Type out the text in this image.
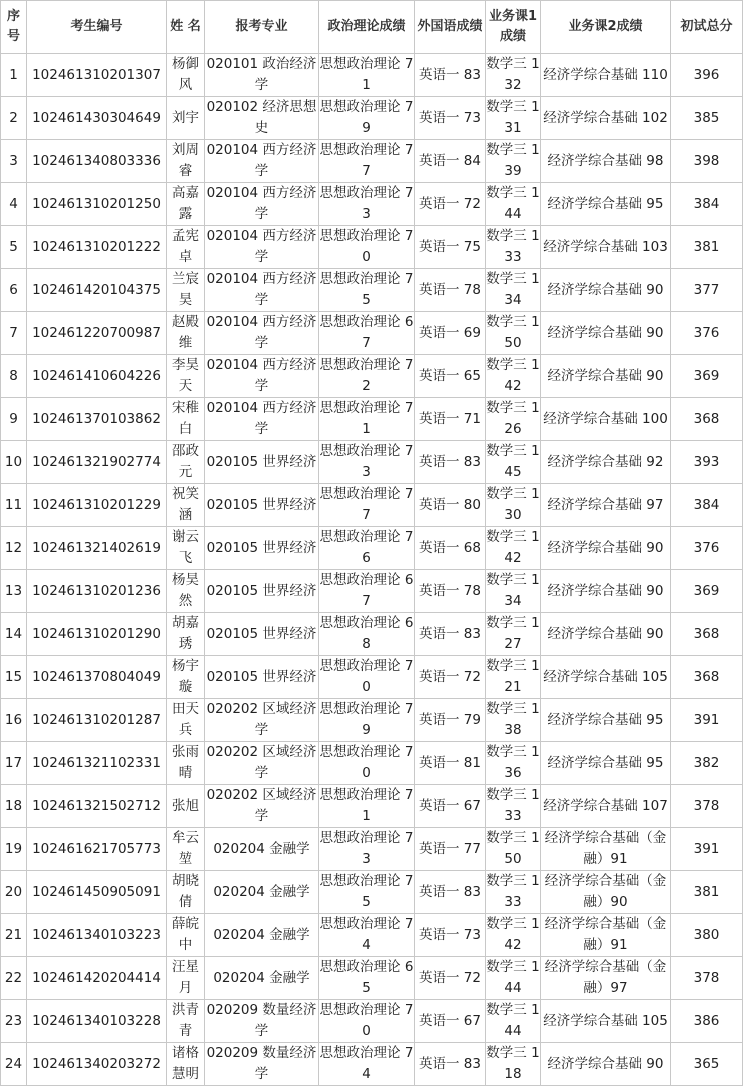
序号	考生编号	姓 名	报考专业	政治理论成绩	外国语成绩	业务课1成绩	业务课2成绩	初试总分
1	102461310201307	杨御风	020101 政治经济学	思想政治理论 71	英语一 83	数学三 132	经济学综合基础 110	396
2	102461430304649	刘宇	020102 经济思想史	思想政治理论 79	英语一 73	数学三 131	经济学综合基础 102	385
3	102461340803336	刘周睿	020104 西方经济学	思想政治理论 77	英语一 84	数学三 139	经济学综合基础 98	398
4	102461310201250	高嘉露	020104 西方经济学	思想政治理论 73	英语一 72	数学三 144	经济学综合基础 95	384
5	102461310201222	孟宪卓	020104 西方经济学	思想政治理论 70	英语一 75	数学三 133	经济学综合基础 103	381
6	102461420104375	兰宸昊	020104 西方经济学	思想政治理论 75	英语一 78	数学三 134	经济学综合基础 90	377
7	102461220700987	赵殿维	020104 西方经济学	思想政治理论 67	英语一 69	数学三 150	经济学综合基础 90	376
8	102461410604226	李昊天	020104 西方经济学	思想政治理论 72	英语一 65	数学三 142	经济学综合基础 90	369
9	102461370103862	宋稚白	020104 西方经济学	思想政治理论 71	英语一 71	数学三 126	经济学综合基础 100	368
10	102461321902774	邵政元	020105 世界经济	思想政治理论 73	英语一 83	数学三 145	经济学综合基础 92	393
11	102461310201229	祝笑涵	020105 世界经济	思想政治理论 77	英语一 80	数学三 130	经济学综合基础 97	384
12	102461321402619	谢云飞	020105 世界经济	思想政治理论 76	英语一 68	数学三 142	经济学综合基础 90	376
13	102461310201236	杨昊然	020105 世界经济	思想政治理论 67	英语一 78	数学三 134	经济学综合基础 90	369
14	102461310201290	胡嘉琇	020105 世界经济	思想政治理论 68	英语一 83	数学三 127	经济学综合基础 90	368
15	102461370804049	杨宇璇	020105 世界经济	思想政治理论 70	英语一 72	数学三 121	经济学综合基础 105	368
16	102461310201287	田天兵	020202 区域经济学	思想政治理论 79	英语一 79	数学三 138	经济学综合基础 95	391
17	102461321102331	张雨晴	020202 区域经济学	思想政治理论 70	英语一 81	数学三 136	经济学综合基础 95	382
18	102461321502712	张旭	020202 区域经济学	思想政治理论 71	英语一 67	数学三 133	经济学综合基础 107	378
19	102461621705773	牟云堃	020204 金融学	思想政治理论 73	英语一 77	数学三 150	经济学综合基础（金融）91	391
20	102461450905091	胡晓倩	020204 金融学	思想政治理论 75	英语一 83	数学三 133	经济学综合基础（金融）90	381
21	102461340103223	薛皖中	020204 金融学	思想政治理论 74	英语一 73	数学三 142	经济学综合基础（金融）91	380
22	102461420204414	汪星月	020204 金融学	思想政治理论 65	英语一 72	数学三 144	经济学综合基础（金融）97	378
23	102461340103228	洪青青	020209 数量经济学	思想政治理论 70	英语一 67	数学三 144	经济学综合基础 105	386
24	102461340203272	诸格慧明	020209 数量经济学	思想政治理论 74	英语一 83	数学三 118	经济学综合基础 90	365
